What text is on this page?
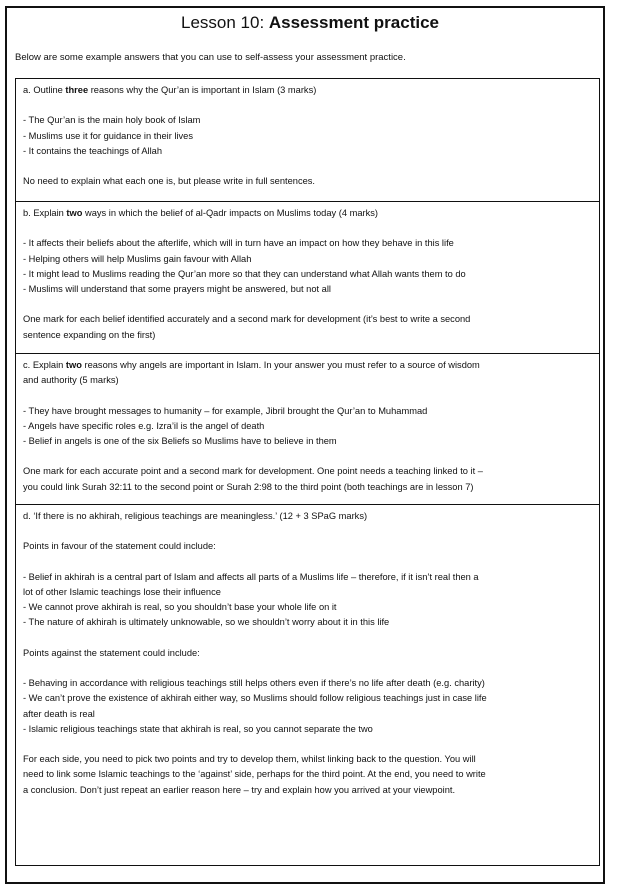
Lesson 10: Assessment practice
Below are some example answers that you can use to self-assess your assessment practice.

a. Outline three reasons why the Qur’an is important in Islam (3 marks)

- The Qur’an is the main holy book of Islam

- Muslims use it for guidance in their lives

- It contains the teachings of Allah

No need to explain what each one is, but please write in full sentences.

b. Explain two ways in which the belief of al-Qadr impacts on Muslims today (4 marks)

- It affects their beliefs about the afterlife, which will in turn have an impact on how they behave in this life

- Helping others will help Muslims gain favour with Allah

- It might lead to Muslims reading the Qur’an more so that they can understand what Allah wants them to do

- Muslims will understand that some prayers might be answered, but not all

One mark for each belief identified accurately and a second mark for development (it’s best to write a second

sentence expanding on the first)

c. Explain two reasons why angels are important in Islam. In your answer you must refer to a source of wisdom

and authority (5 marks)

- They have brought messages to humanity – for example, Jibril brought the Qur’an to Muhammad

- Angels have specific roles e.g. Izra’il is the angel of death

- Belief in angels is one of the six Beliefs so Muslims have to believe in them

One mark for each accurate point and a second mark for development. One point needs a teaching linked to it –

you could link Surah 32:11 to the second point or Surah 2:98 to the third point (both teachings are in lesson 7)

d. ‘If there is no akhirah, religious teachings are meaningless.’ (12 + 3 SPaG marks)

Points in favour of the statement could include:

- Belief in akhirah is a central part of Islam and affects all parts of a Muslims life – therefore, if it isn’t real then a

lot of other Islamic teachings lose their influence

- We cannot prove akhirah is real, so you shouldn’t base your whole life on it

- The nature of akhirah is ultimately unknowable, so we shouldn’t worry about it in this life

Points against the statement could include:

- Behaving in accordance with religious teachings still helps others even if there’s no life after death (e.g. charity)

- We can’t prove the existence of akhirah either way, so Muslims should follow religious teachings just in case life

after death is real

- Islamic religious teachings state that akhirah is real, so you cannot separate the two

For each side, you need to pick two points and try to develop them, whilst linking back to the question. You will

need to link some Islamic teachings to the ‘against’ side, perhaps for the third point. At the end, you need to write

a conclusion. Don’t just repeat an earlier reason here – try and explain how you arrived at your viewpoint.
